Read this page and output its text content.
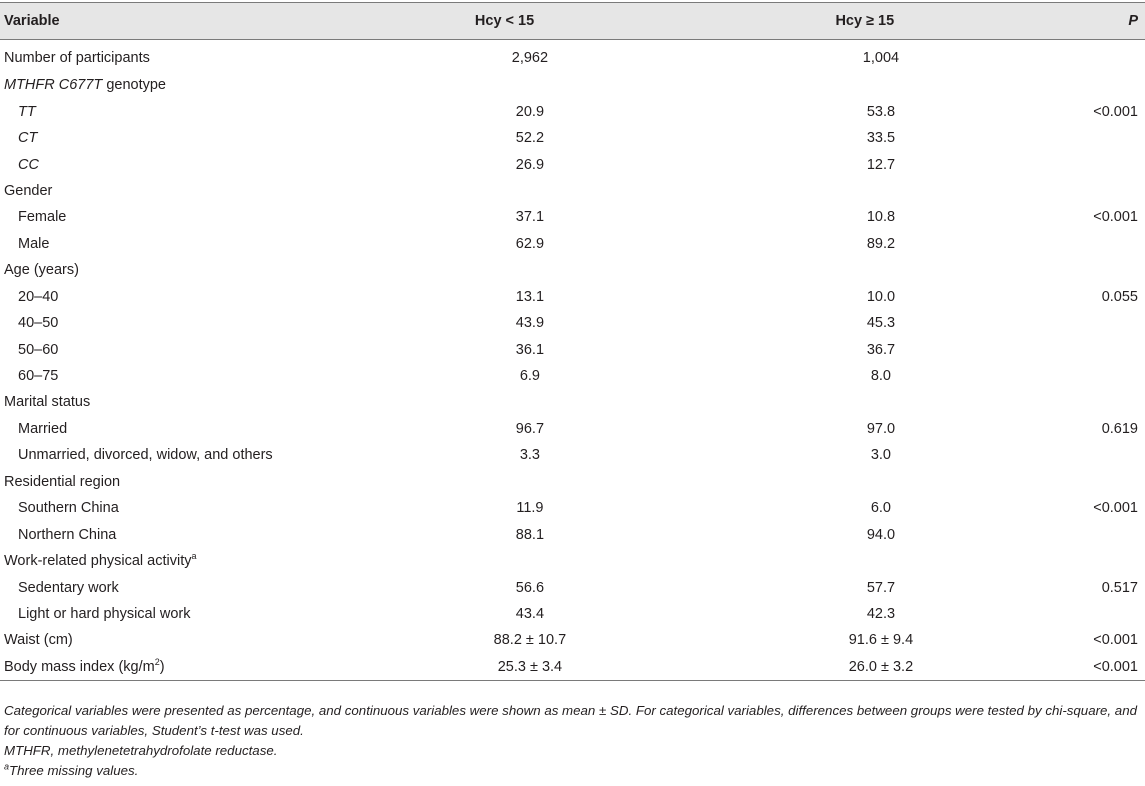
Variable	Hcy < 15	Hcy ≥ 15	P
Number of participants	2,962	1,004	
MTHFR C677T genotype			
TT	20.9	53.8	<0.001
CT	52.2	33.5	
CC	26.9	12.7	
Gender			
Female	37.1	10.8	<0.001
Male	62.9	89.2	
Age (years)			
20–40	13.1	10.0	0.055
40–50	43.9	45.3	
50–60	36.1	36.7	
60–75	6.9	8.0	
Marital status			
Married	96.7	97.0	0.619
Unmarried, divorced, widow, and others	3.3	3.0	
Residential region			
Southern China	11.9	6.0	<0.001
Northern China	88.1	94.0	
Work-related physical activity$^a$			
Sedentary work	56.6	57.7	0.517
Light or hard physical work	43.4	42.3	
Waist (cm)	88.2 ± 10.7	91.6 ± 9.4	<0.001
Body mass index $(kg/m^2)$	25.3 ± 3.4	26.0 ± 3.2	<0.001

Categorical variables were presented as percentage, and continuous variables were shown as mean ± SD. For categorical variables, differences between groups were tested by chi-square, and for continuous variables, Student’s t-test was used.

MTHFR, methylenetetrahydrofolate reductase.

$^a$Three missing values.
